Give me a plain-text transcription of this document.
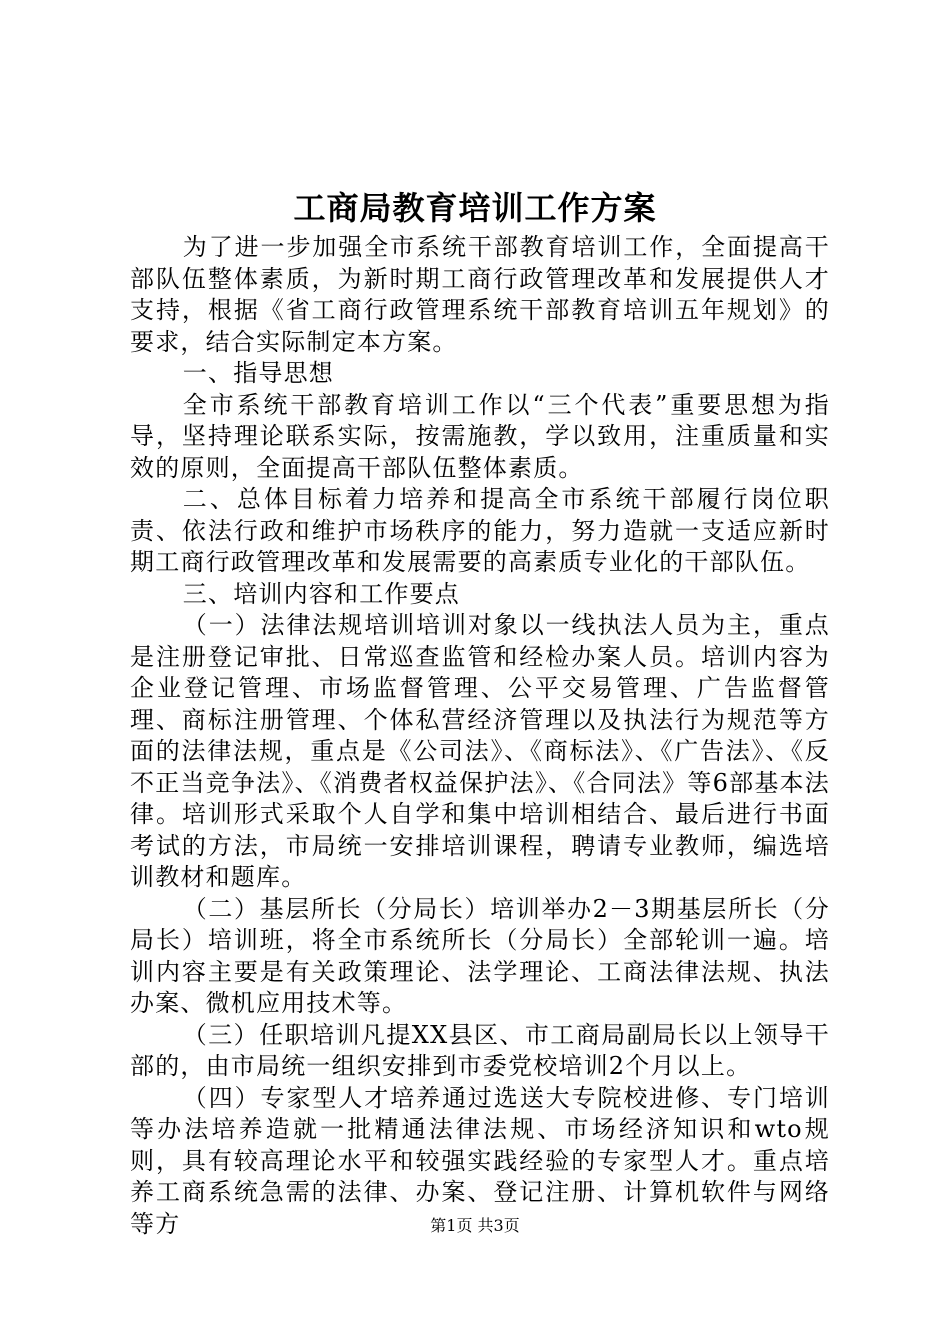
工商局教育培训工作方案

为了进一步加强全市系统干部教育培训工作，全面提高干部队伍整体素质，为新时期工商行政管理改革和发展提供人才支持，根据《省工商行政管理系统干部教育培训五年规划》的要求，结合实际制定本方案。

一、指导思想

全市系统干部教育培训工作以“三个代表”重要思想为指导，坚持理论联系实际，按需施教，学以致用，注重质量和实效的原则，全面提高干部队伍整体素质。

二、总体目标着力培养和提高全市系统干部履行岗位职责、依法行政和维护市场秩序的能力，努力造就一支适应新时期工商行政管理改革和发展需要的高素质专业化的干部队伍。

三、培训内容和工作要点

（一）法律法规培训培训对象以一线执法人员为主，重点是注册登记审批、日常巡查监管和经检办案人员。培训内容为企业登记管理、市场监督管理、公平交易管理、广告监督管理、商标注册管理、个体私营经济管理以及执法行为规范等方面的法律法规，重点是《公司法》、《商标法》、《广告法》、《反不正当竞争法》、《消费者权益保护法》、《合同法》等6部基本法律。培训形式采取个人自学和集中培训相结合、最后进行书面考试的方法，市局统一安排培训课程，聘请专业教师，编选培训教材和题库。

（二）基层所长（分局长）培训举办2－3期基层所长（分局长）培训班，将全市系统所长（分局长）全部轮训一遍。培训内容主要是有关政策理论、法学理论、工商法律法规、执法办案、微机应用技术等。

（三）任职培训凡提XX县区、市工商局副局长以上领导干部的，由市局统一组织安排到市委党校培训2个月以上。

（四）专家型人才培养通过选送大专院校进修、专门培训等办法培养造就一批精通法律法规、市场经济知识和wto规则，具有较高理论水平和较强实践经验的专家型人才。重点培养工商系统急需的法律、办案、登记注册、计算机软件与网络等方	第1页 共3页
